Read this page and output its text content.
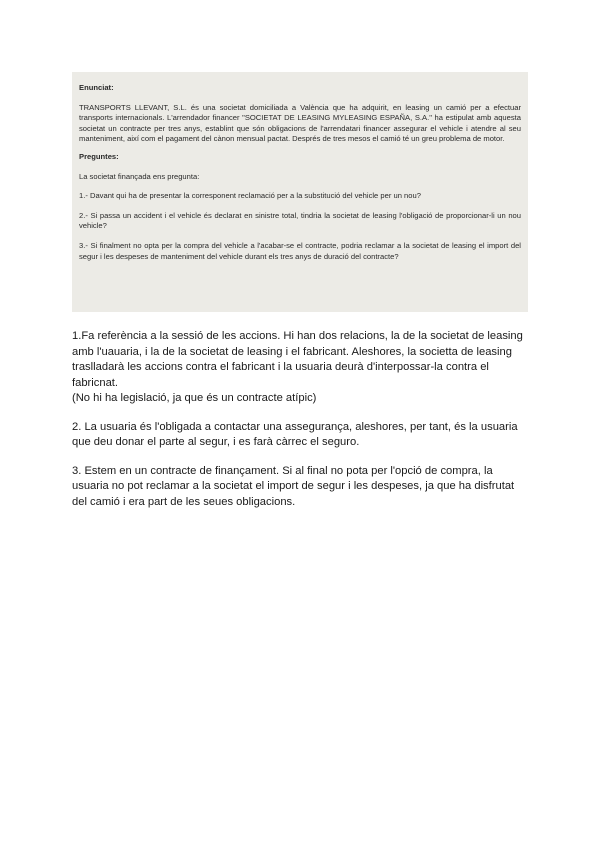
Enunciat:
TRANSPORTS LLEVANT, S.L. és una societat domiciliada a València que ha adquirit, en leasing un camió per a efectuar transports internacionals. L'arrendador financer "SOCIETAT DE LEASING MYLEASING ESPAÑA, S.A." ha estipulat amb aquesta societat un contracte per tres anys, establint que són obligacions de l'arrendatari financer assegurar el vehicle i atendre al seu manteniment, així com el pagament del cànon mensual pactat. Després de tres mesos el camió té un greu problema de motor.
Preguntes:
La societat finançada ens pregunta:
1.- Davant qui ha de presentar la corresponent reclamació per a la substitució del vehicle per un nou?
2.- Si passa un accident i el vehicle és declarat en sinistre total, tindria la societat de leasing l'obligació de proporcionar-li un nou vehicle?
3.- Si finalment no opta per la compra del vehicle a l'acabar-se el contracte, podria reclamar a la societat de leasing el import del segur i les despeses de manteniment del vehicle durant els tres anys de duració del contracte?
1.Fa referència a la sessió de les accions. Hi han dos relacions, la de la societat de leasing
amb l'uauaria, i la de la societat de leasing i el fabricant. Aleshores, la societta de leasing
traslladarà les accions contra el fabricant i la usuaria deurà d'interpossar-la contra el
fabricnat.
(No hi ha legislació, ja que és un contracte atípic)
2. La usuaria és l'obligada a contactar una assegurança, aleshores, per tant, és la usuaria
que deu donar el parte al segur, i es farà càrrec el seguro.
3. Estem en un contracte de finançament. Si al final no pota per l'opció de compra, la
usuaria no pot reclamar a la societat el import de segur i les despeses, ja que ha disfrutat
del camió i era part de les seues obligacions.
